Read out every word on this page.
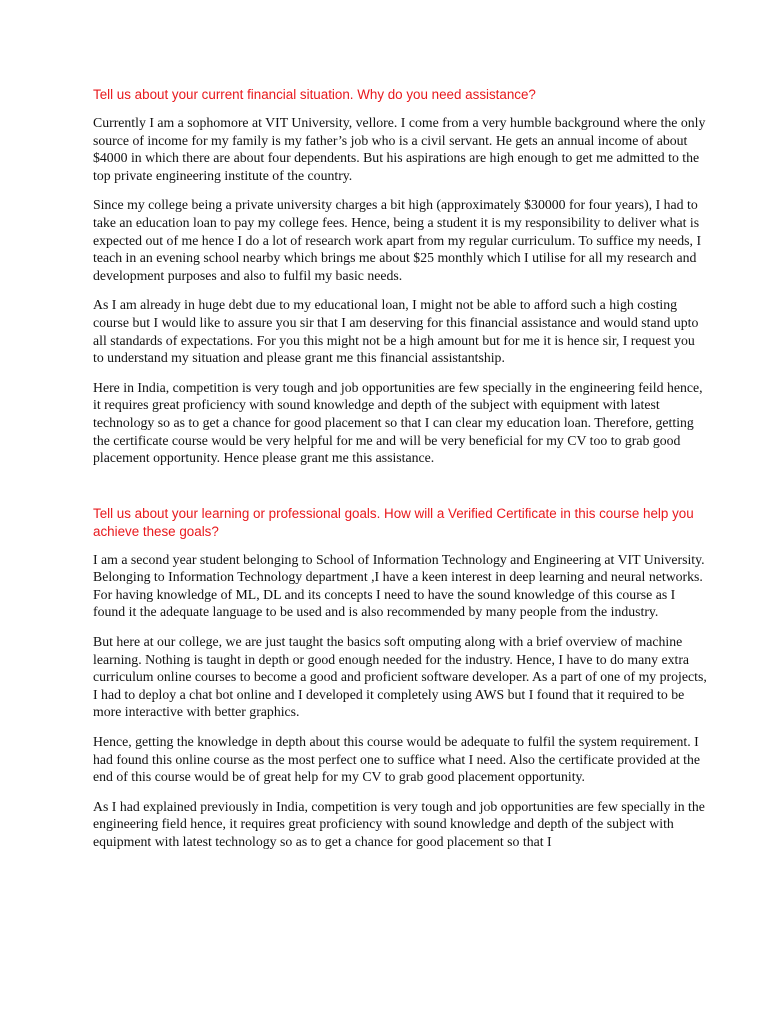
Tell us about your current financial situation. Why do you need assistance?

Currently I am a sophomore at VIT University, vellore. I come from a very humble background where the only source of income for my family is my father’s job who is a civil servant. He gets an annual income of about $4000 in which there are about four dependents. But his aspirations are high enough to get me admitted to the top private engineering institute of the country.

Since my college being a private university charges a bit high (approximately $30000 for four years), I had to take an education loan to pay my college fees. Hence, being a student it is my responsibility to deliver what is expected out of me hence I do a lot of research work apart from my regular curriculum. To suffice my needs, I teach in an evening school nearby which brings me about $25 monthly which I utilise for all my research and development purposes and also to fulfil my basic needs.

As I am already in huge debt due to my educational loan, I might not be able to afford such a high costing course but I would like to assure you sir that I am deserving for this financial assistance and would stand upto all standards of expectations. For you this might not be a high amount but for me it is hence sir, I request you to understand my situation and please grant me this financial assistantship.

Here in India, competition is very tough and job opportunities are few specially in the engineering feild hence, it requires great proficiency with sound knowledge and depth of the subject with equipment with latest technology so as to get a chance for good placement so that I can clear my education loan. Therefore, getting the certificate course would be very helpful for me and will be very beneficial for my CV too to grab good placement opportunity. Hence please grant me this assistance.

Tell us about your learning or professional goals. How will a Verified Certificate in this course help you achieve these goals?

I am a second year student belonging to School of Information Technology and Engineering at VIT University. Belonging to Information Technology department ,I have a keen interest in deep learning and neural networks. For having knowledge of ML, DL and its concepts I need to have the sound knowledge of this course as I found it the adequate language to be used and is also recommended by many people from the industry.

But here at our college, we are just taught the basics soft omputing along with a brief overview of machine learning. Nothing is taught in depth or good enough needed for the industry. Hence, I have to do many extra curriculum online courses to become a good and proficient software developer. As a part of one of my projects, I had to deploy a chat bot online and I developed it completely using AWS but I found that it required to be more interactive with better graphics.

Hence, getting the knowledge in depth about this course would be adequate to fulfil the system requirement. I had found this online course as the most perfect one to suffice what I need. Also the certificate provided at the end of this course would be of great help for my CV to grab good placement opportunity.

As I had explained previously in India, competition is very tough and job opportunities are few specially in the engineering field hence, it requires great proficiency with sound knowledge and depth of the subject with equipment with latest technology so as to get a chance for good placement so that I
